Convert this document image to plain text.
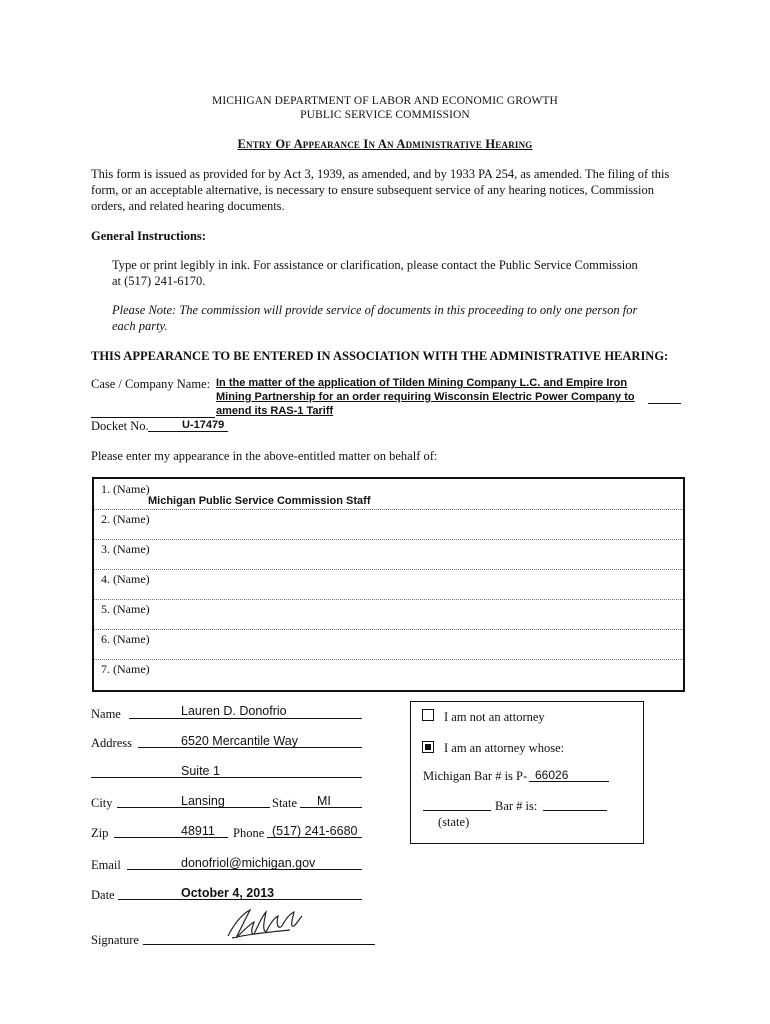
MICHIGAN DEPARTMENT OF LABOR AND ECONOMIC GROWTH
PUBLIC SERVICE COMMISSION
Entry Of Appearance In An Administrative Hearing
This form is issued as provided for by Act 3, 1939, as amended, and by 1933 PA 254, as amended. The filing of this
form, or an acceptable alternative, is necessary to ensure subsequent service of any hearing notices, Commission
orders, and related hearing documents.
General Instructions:
Type or print legibly in ink. For assistance or clarification, please contact the Public Service Commission
at (517) 241-6170.
Please Note: The commission will provide service of documents in this proceeding to only one person for
each party.
THIS APPEARANCE TO BE ENTERED IN ASSOCIATION WITH THE ADMINISTRATIVE HEARING:
Case / Company Name: In the matter of the application of Tilden Mining Company L.C. and Empire Iron
Mining Partnership for an order requiring Wisconsin Electric Power Company to
amend its RAS-1 Tariff
Docket No.	U-17479
Please enter my appearance in the above-entitled matter on behalf of:
1. (Name)
Michigan Public Service Commission Staff
2. (Name)
3. (Name)
4. (Name)
5. (Name)
6. (Name)
7. (Name)
Name	Lauren D. Donofrio
Address	6520 Mercantile Way
Suite 1
City	Lansing	State MI
Zip	48911 Phone (517) 241-6680
Email	donofriol@michigan.gov
Date	October 4, 2013
Signature
I am not an attorney
I am an attorney whose:
Michigan Bar # is P- 66026
Bar # is:
(state)
